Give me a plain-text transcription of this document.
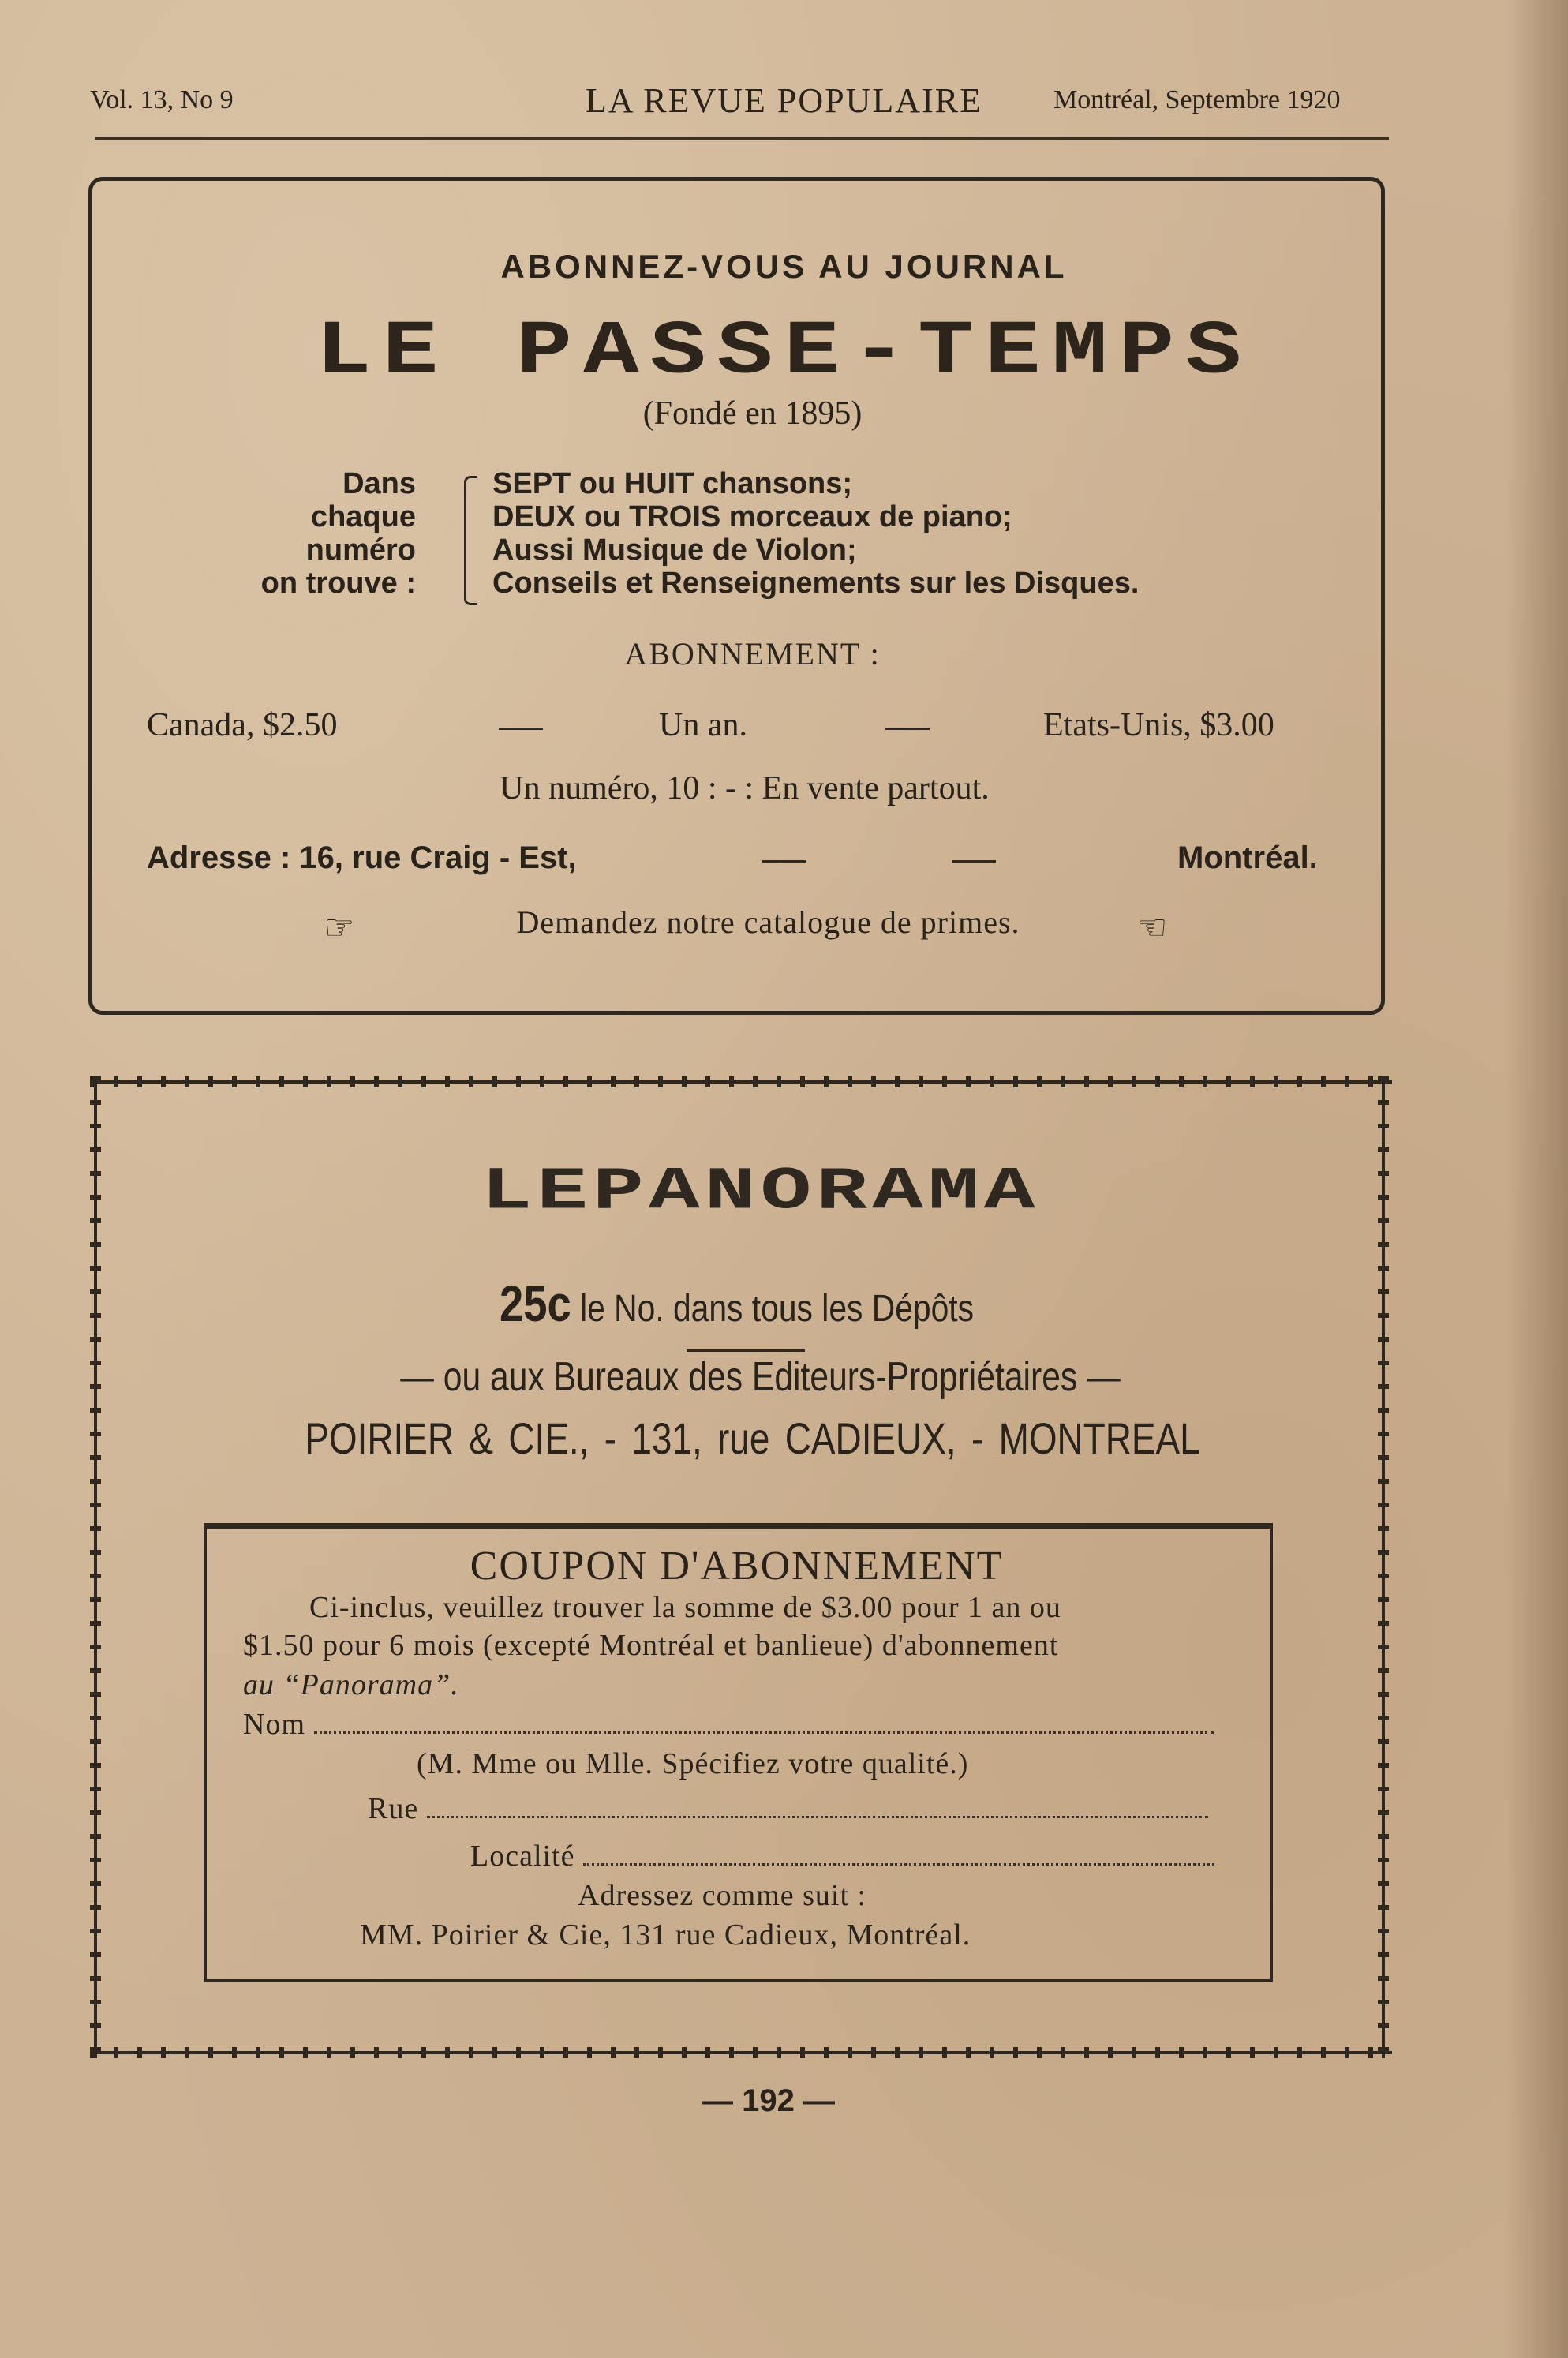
Vol. 13, No 9	LA REVUE POPULAIRE	Montréal, Septembre 1920
ABONNEZ-VOUS AU JOURNAL
LE PASSE-TEMPS
(Fondé en 1895)
Dans
chaque
numéro
on trouve :
SEPT ou HUIT chansons;
DEUX ou TROIS morceaux de piano;
Aussi Musique de Violon;
Conseils et Renseignements sur les Disques.
ABONNEMENT :
Canada, $2.50	Un an.	Etats-Unis, $3.00
Un numéro, 10 : - : En vente partout.
Adresse : 16, rue Craig - Est,	Montréal.
☞	Demandez notre catalogue de primes.	☜
LEPANORAMA
25c le No. dans tous les Dépôts
— ou aux Bureaux des Editeurs-Propriétaires —
POIRIER & CIE., - 131, rue CADIEUX, - MONTREAL
COUPON D'ABONNEMENT
Ci-inclus, veuillez trouver la somme de $3.00 pour 1 an ou
$1.50 pour 6 mois (excepté Montréal et banlieue) d'abonnement
au “Panorama”.
Nom
(M. Mme ou Mlle. Spécifiez votre qualité.)
Rue
Localité
Adressez comme suit :
MM. Poirier & Cie, 131 rue Cadieux, Montréal.
— 192 —
